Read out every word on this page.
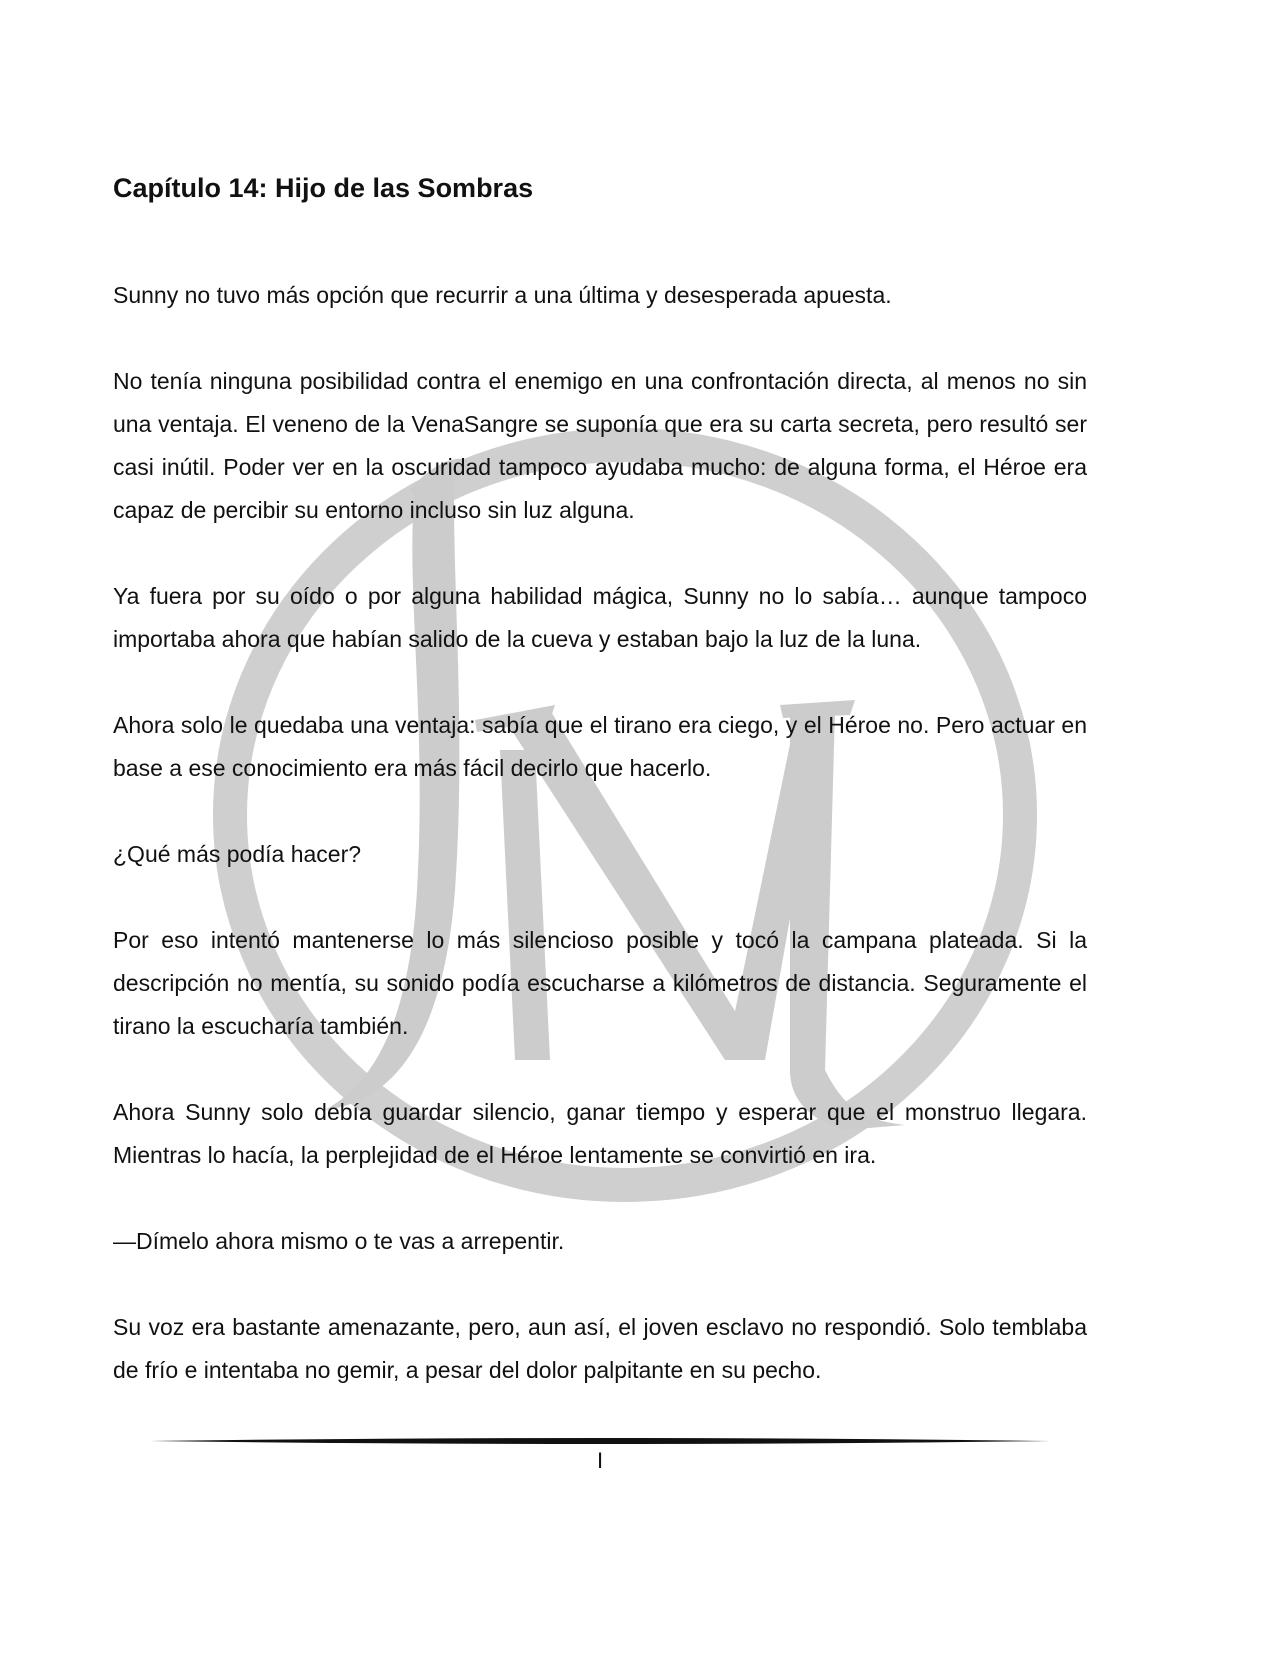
Capítulo 14: Hijo de las Sombras

Sunny no tuvo más opción que recurrir a una última y desesperada apuesta.

No tenía ninguna posibilidad contra el enemigo en una confrontación directa, al menos no sin una ventaja. El veneno de la VenaSangre se suponía que era su carta secreta, pero resultó ser casi inútil. Poder ver en la oscuridad tampoco ayudaba mucho: de alguna forma, el Héroe era capaz de percibir su entorno incluso sin luz alguna.

Ya fuera por su oído o por alguna habilidad mágica, Sunny no lo sabía… aunque tampoco importaba ahora que habían salido de la cueva y estaban bajo la luz de la luna.

Ahora solo le quedaba una ventaja: sabía que el tirano era ciego, y el Héroe no. Pero actuar en base a ese conocimiento era más fácil decirlo que hacerlo.

¿Qué más podía hacer?

Por eso intentó mantenerse lo más silencioso posible y tocó la campana plateada. Si la descripción no mentía, su sonido podía escucharse a kilómetros de distancia. Seguramente el tirano la escucharía también.

Ahora Sunny solo debía guardar silencio, ganar tiempo y esperar que el monstruo llegara. Mientras lo hacía, la perplejidad de el Héroe lentamente se convirtió en ira.

—Dímelo ahora mismo o te vas a arrepentir.

Su voz era bastante amenazante, pero, aun así, el joven esclavo no respondió. Solo temblaba de frío e intentaba no gemir, a pesar del dolor palpitante en su pecho.

I
